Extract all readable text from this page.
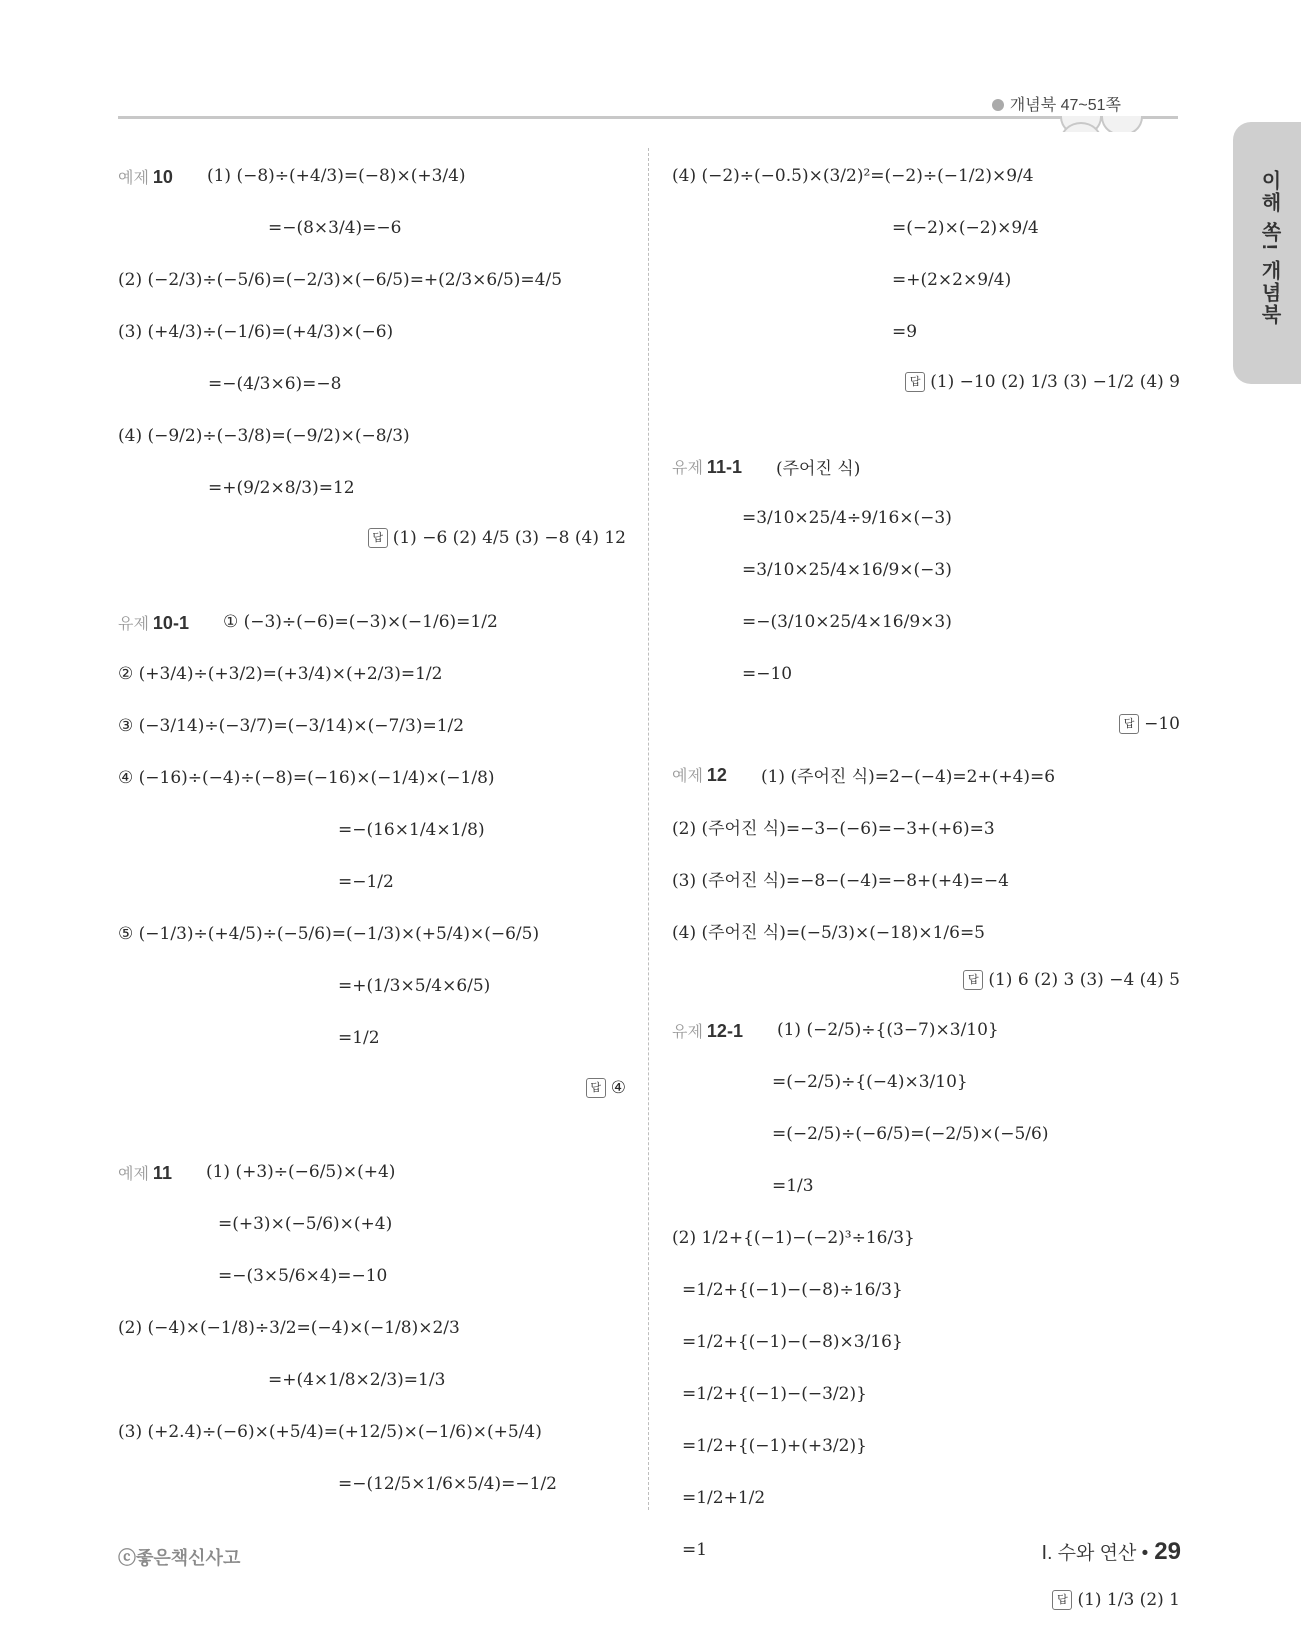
개념북 47~51쪽
이해 쏙! 개념북
예제 10 (1) (−8)÷(+4/3)=(−8)×(+3/4)
=−(8×3/4)=−6
(2) (−2/3)÷(−5/6)=(−2/3)×(−6/5)=+(2/3×6/5)=4/5
(3) (+4/3)÷(−1/6)=(+4/3)×(−6)
=−(4/3×6)=−8
(4) (−9/2)÷(−3/8)=(−9/2)×(−8/3)
=+(9/2×8/3)=12
답 (1) −6 (2) 4/5 (3) −8 (4) 12
유제 10-1 ① (−3)÷(−6)=(−3)×(−1/6)=1/2
② (+3/4)÷(+3/2)=(+3/4)×(+2/3)=1/2
③ (−3/14)÷(−3/7)=(−3/14)×(−7/3)=1/2
④ (−16)÷(−4)÷(−8)=(−16)×(−1/4)×(−1/8)
=−(16×1/4×1/8)
=−1/2
⑤ (−1/3)÷(+4/5)÷(−5/6)=(−1/3)×(+5/4)×(−6/5)
=+(1/3×5/4×6/5)
=1/2
답 ④
예제 11 (1) (+3)÷(−6/5)×(+4)
=(+3)×(−5/6)×(+4)
=−(3×5/6×4)=−10
(2) (−4)×(−1/8)÷3/2=(−4)×(−1/8)×2/3
=+(4×1/8×2/3)=1/3
(3) (+2.4)÷(−6)×(+5/4)=(+12/5)×(−1/6)×(+5/4)
=−(12/5×1/6×5/4)=−1/2
(4) (−2)÷(−0.5)×(3/2)²=(−2)÷(−1/2)×9/4
=(−2)×(−2)×9/4
=+(2×2×9/4)
=9
답 (1) −10 (2) 1/3 (3) −1/2 (4) 9
유제 11-1 (주어진 식)
=3/10×25/4÷9/16×(−3)
=3/10×25/4×16/9×(−3)
=−(3/10×25/4×16/9×3)
=−10
답 −10
예제 12 (1) (주어진 식)=2−(−4)=2+(+4)=6
(2) (주어진 식)=−3−(−6)=−3+(+6)=3
(3) (주어진 식)=−8−(−4)=−8+(+4)=−4
(4) (주어진 식)=(−5/3)×(−18)×1/6=5
답 (1) 6 (2) 3 (3) −4 (4) 5
유제 12-1 (1) (−2/5)÷{(3−7)×3/10}
=(−2/5)÷{(−4)×3/10}
=(−2/5)÷(−6/5)=(−2/5)×(−5/6)
=1/3
(2) 1/2+{(−1)−(−2)³÷16/3}
=1/2+{(−1)−(−8)÷16/3}
=1/2+{(−1)−(−8)×3/16}
=1/2+{(−1)−(−3/2)}
=1/2+{(−1)+(+3/2)}
=1/2+1/2
=1
답 (1) 1/3 (2) 1
ⓒ좋은책신사고	Ⅰ. 수와 연산 • 29
